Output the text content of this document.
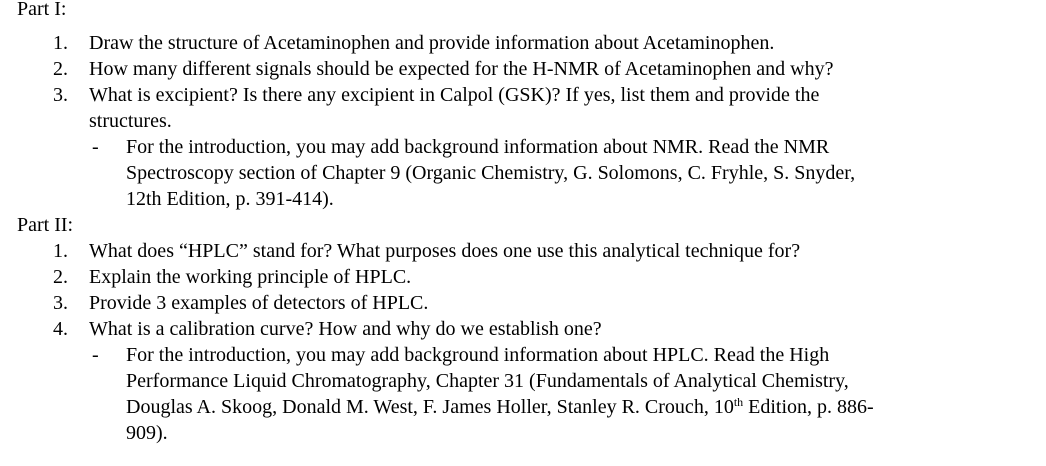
Part I:
1. Draw the structure of Acetaminophen and provide information about Acetaminophen.
2. How many different signals should be expected for the H-NMR of Acetaminophen and why?
3. What is excipient? Is there any excipient in Calpol (GSK)? If yes, list them and provide the
structures.
-	For the introduction, you may add background information about NMR. Read the NMR
Spectroscopy section of Chapter 9 (Organic Chemistry, G. Solomons, C. Fryhle, S. Snyder,
12th Edition, p. 391-414).
Part II:
1. What does “HPLC” stand for? What purposes does one use this analytical technique for?
2. Explain the working principle of HPLC.
3. Provide 3 examples of detectors of HPLC.
4. What is a calibration curve? How and why do we establish one?
-	For the introduction, you may add background information about HPLC. Read the High
Performance Liquid Chromatography, Chapter 31 (Fundamentals of Analytical Chemistry,
Douglas A. Skoog, Donald M. West, F. James Holler, Stanley R. Crouch, 10th Edition, p. 886-
909).
